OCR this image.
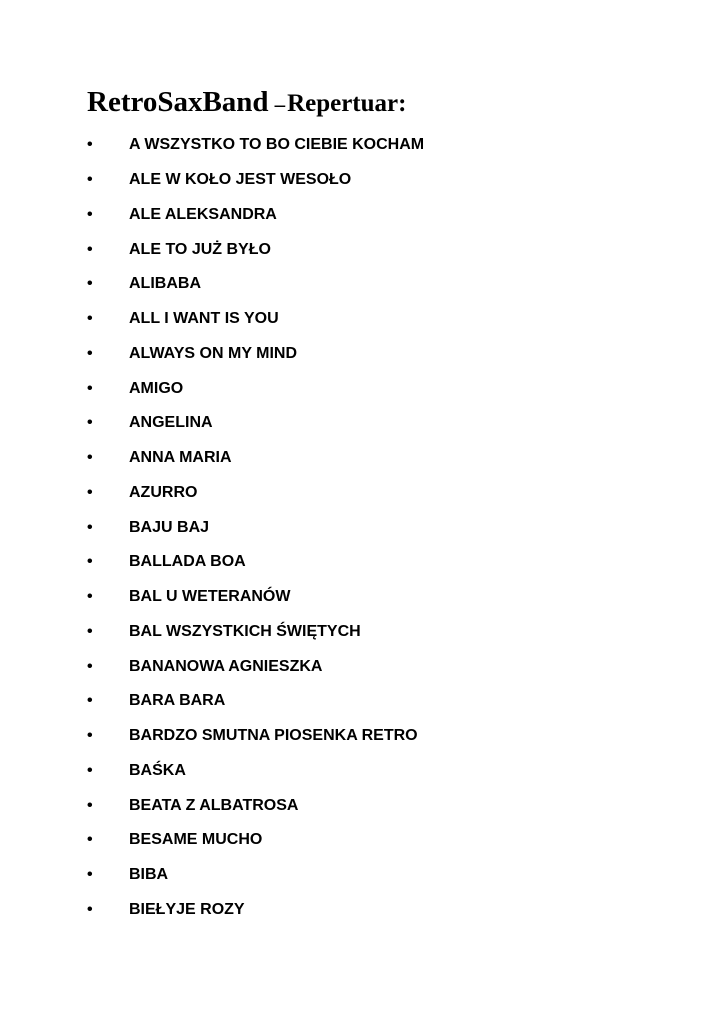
RetroSaxBand –Repertuar:
•	A WSZYSTKO TO BO CIEBIE KOCHAM
•	ALE W KOŁO JEST WESOŁO
•	ALE ALEKSANDRA
•	ALE TO JUŻ BYŁO
•	ALIBABA
•	ALL I WANT IS YOU
•	ALWAYS ON MY MIND
•	AMIGO
•	ANGELINA
•	ANNA MARIA
•	AZURRO
•	BAJU BAJ
•	BALLADA BOA
•	BAL U WETERANÓW
•	BAL WSZYSTKICH ŚWIĘTYCH
•	BANANOWA AGNIESZKA
•	BARA BARA
•	BARDZO SMUTNA PIOSENKA RETRO
•	BAŚKA
•	BEATA Z ALBATROSA
•	BESAME MUCHO
•	BIBA
•	BIEŁYJE ROZY
